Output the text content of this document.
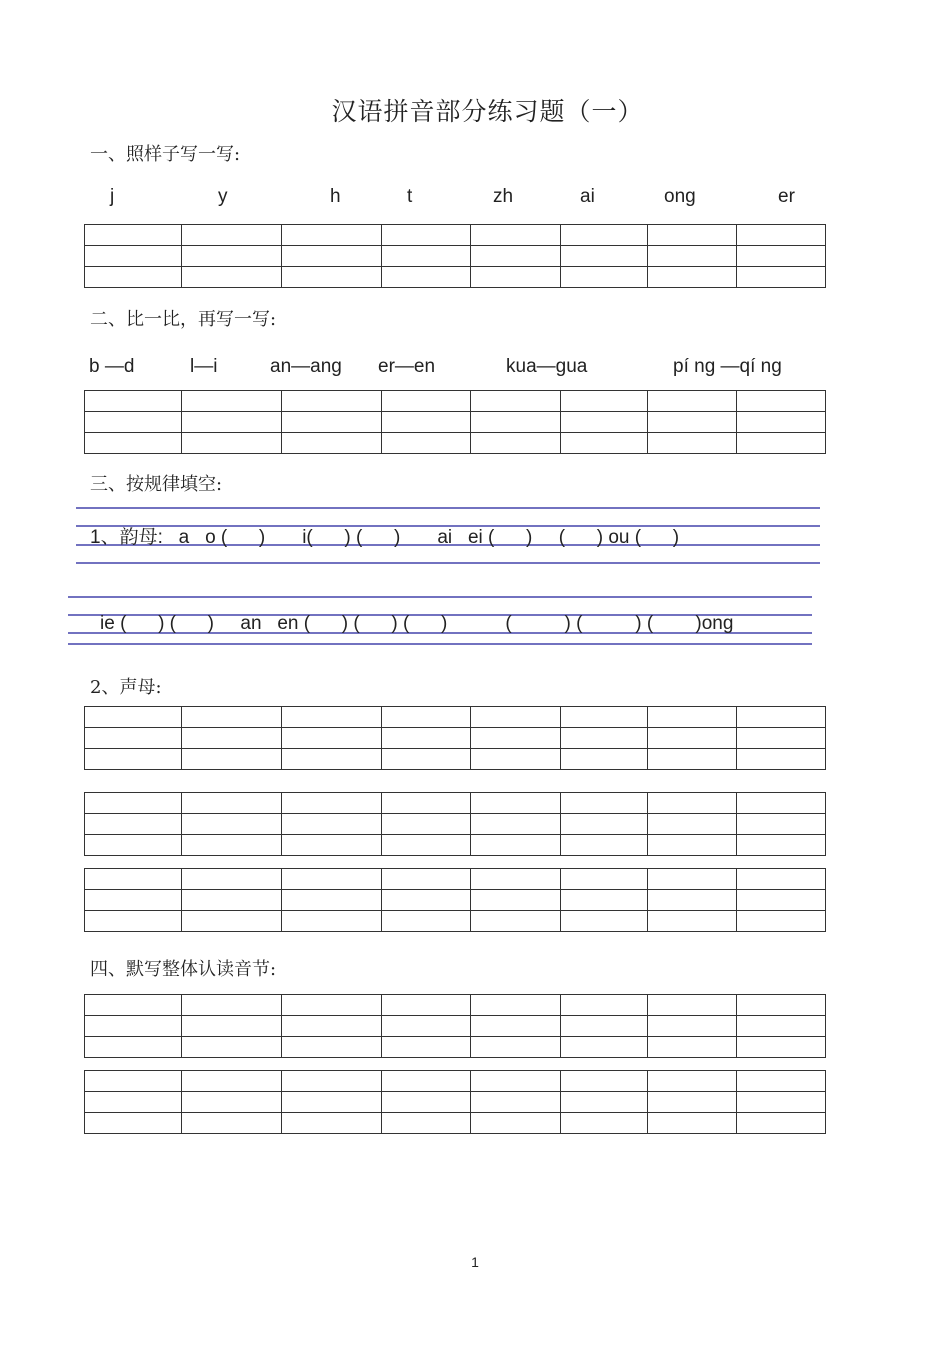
汉语拼音部分练习题（一）
一、照样子写一写:
j	y	h	t	zh	ai	ong	er

二、比一比，再写一写:
b —d	l—i	an—ang er—en	kua—gua	pí ng —qí ng

三、按规律填空:
1、韵母:   a   o (      )       i(      ) (      )       ai   ei (      )     (      ) ou (      )
ie (      ) (      )     an   en (      ) (      ) (      )           (          ) (          ) (        )ong
2、声母:

四、默写整体认读音节:

1
